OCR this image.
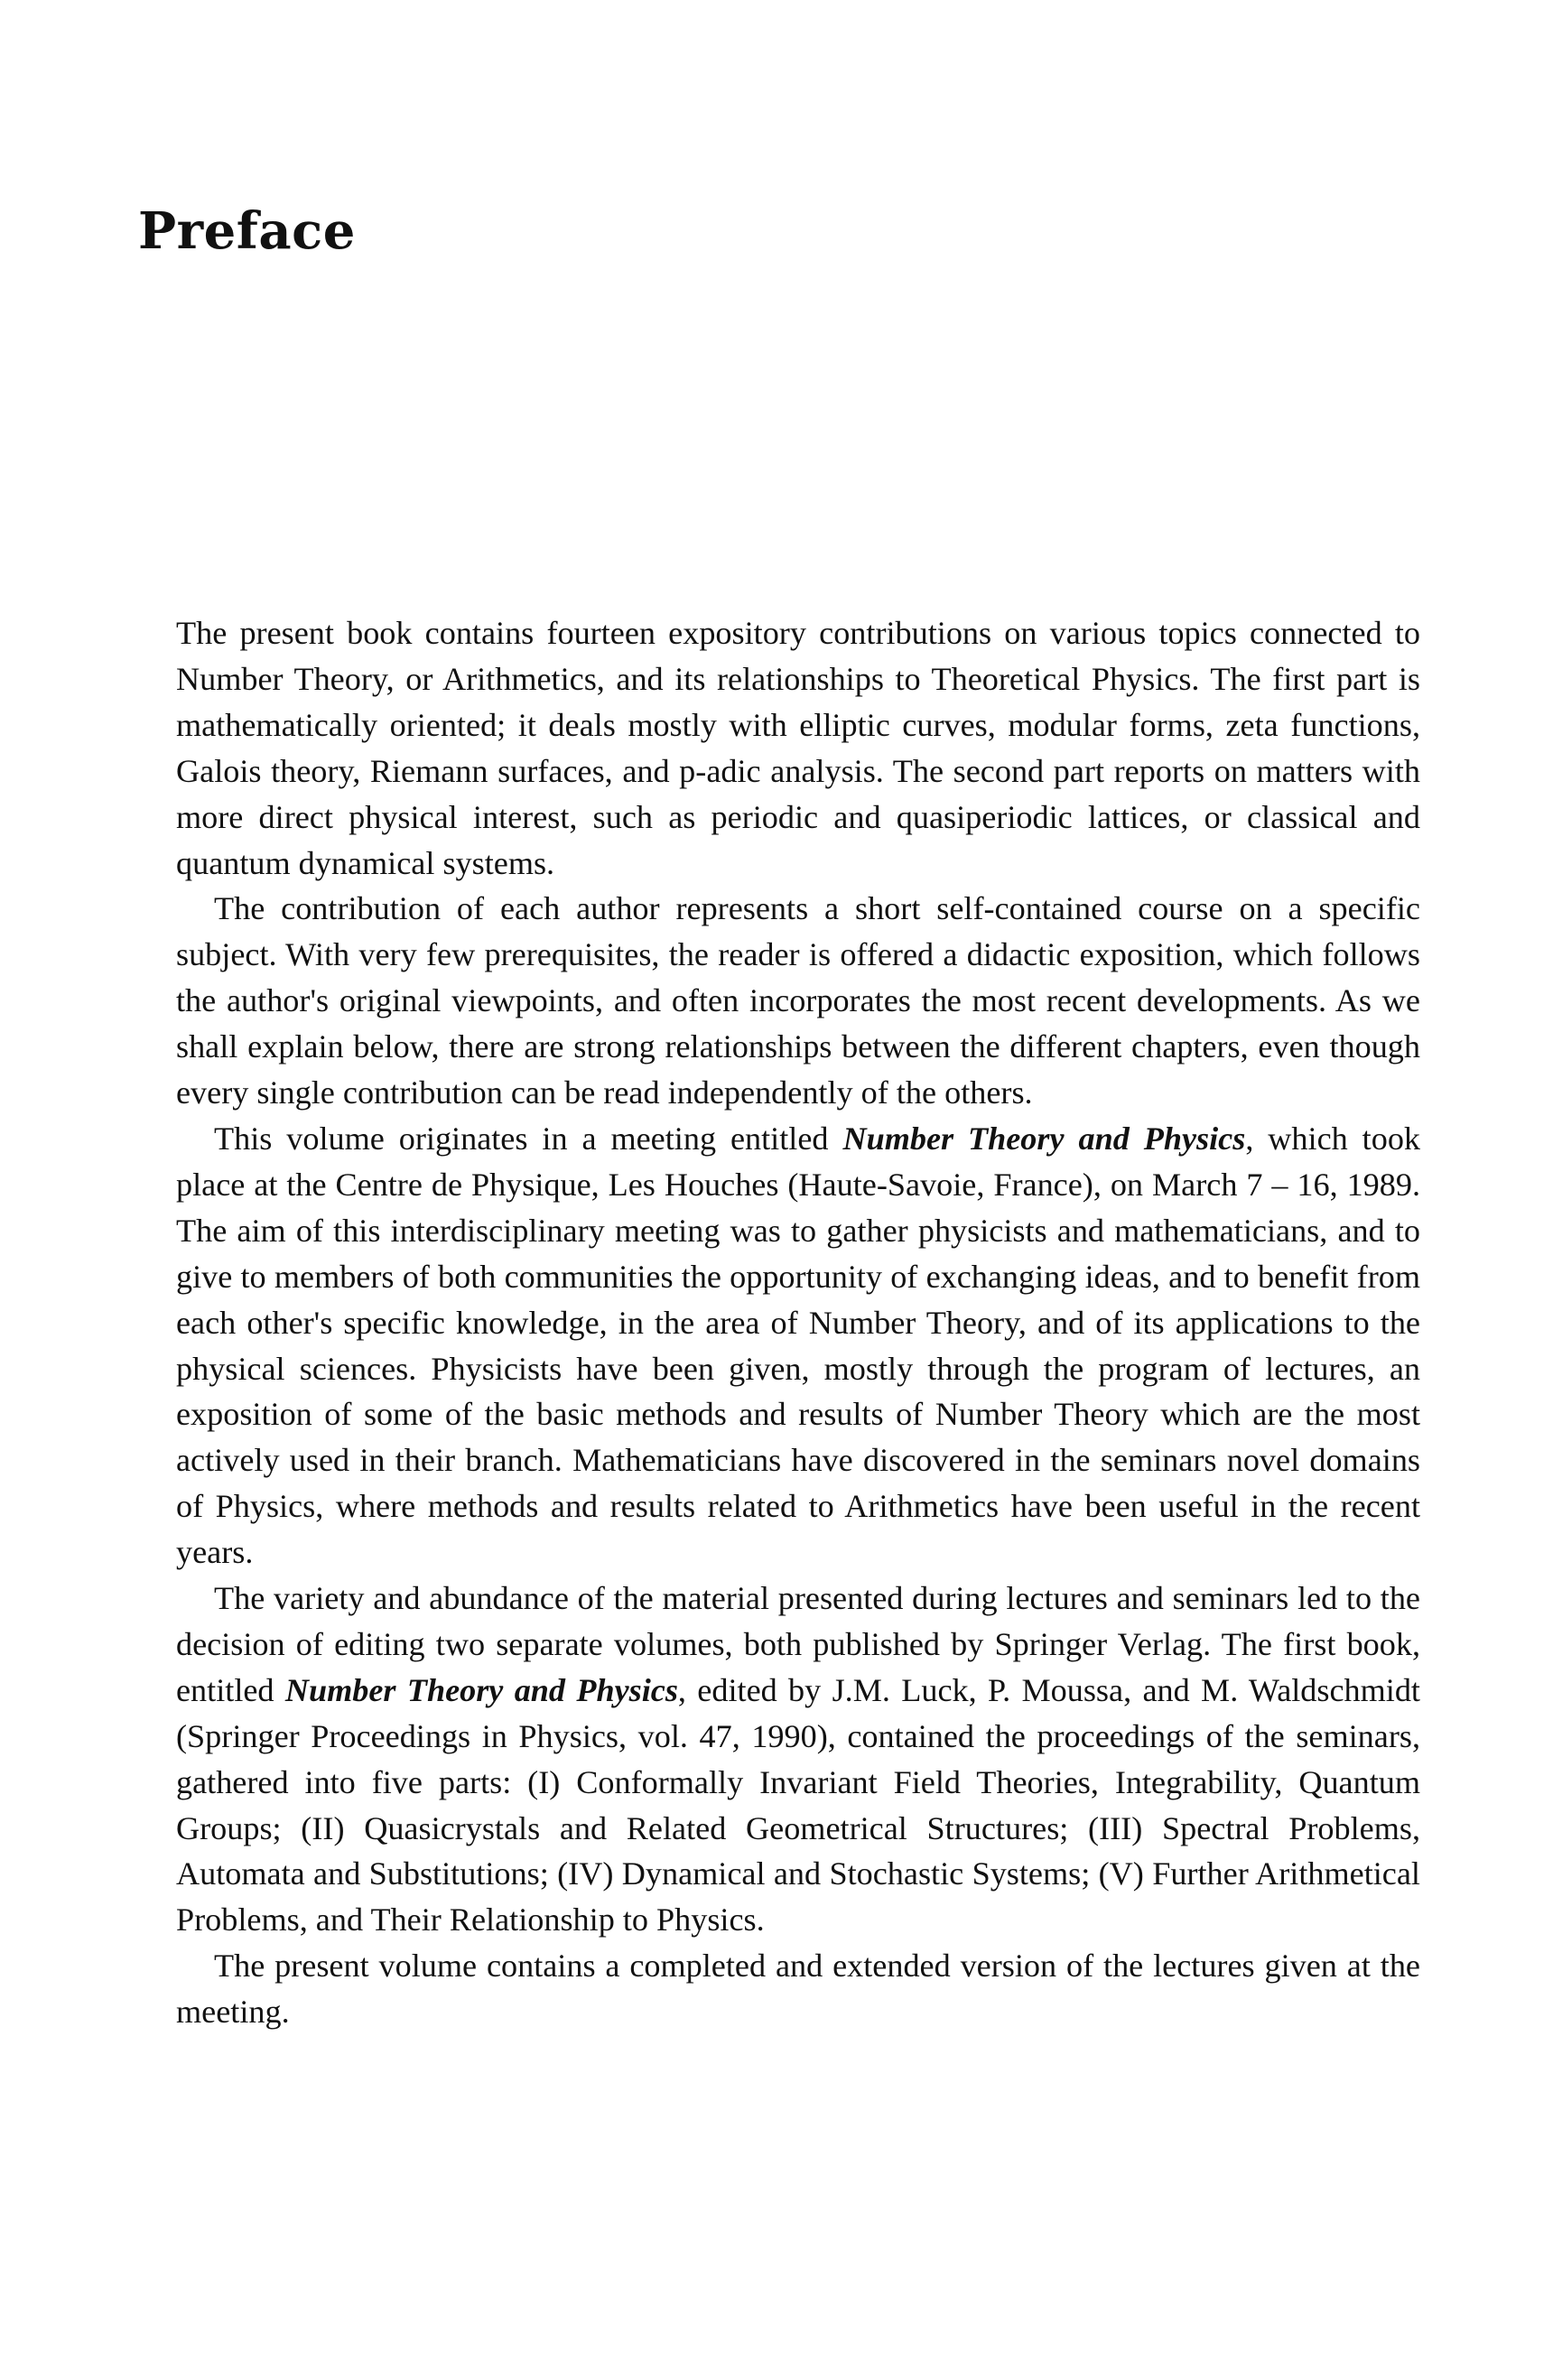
Preface

The present book contains fourteen expository contributions on various topics connected to Number Theory, or Arithmetics, and its relationships to Theoretical Physics. The first part is mathematically oriented; it deals mostly with elliptic curves, modular forms, zeta functions, Galois theory, Riemann surfaces, and p-adic analysis. The second part reports on matters with more direct physical interest, such as periodic and quasiperiodic lattices, or classical and quantum dynamical systems.

The contribution of each author represents a short self-contained course on a specific subject. With very few prerequisites, the reader is offered a didactic exposition, which follows the author's original viewpoints, and often incorporates the most recent developments. As we shall explain below, there are strong relationships between the different chapters, even though every single contribution can be read independently of the others.

This volume originates in a meeting entitled Number Theory and Physics, which took place at the Centre de Physique, Les Houches (Haute-Savoie, France), on March 7 – 16, 1989. The aim of this interdisciplinary meeting was to gather physicists and mathematicians, and to give to members of both communities the opportunity of exchanging ideas, and to benefit from each other's specific knowledge, in the area of Number Theory, and of its applications to the physical sciences. Physicists have been given, mostly through the program of lectures, an exposition of some of the basic methods and results of Number Theory which are the most actively used in their branch. Mathematicians have discovered in the seminars novel domains of Physics, where methods and results related to Arithmetics have been useful in the recent years.

The variety and abundance of the material presented during lectures and seminars led to the decision of editing two separate volumes, both published by Springer Verlag. The first book, entitled Number Theory and Physics, edited by J.M. Luck, P. Moussa, and M. Waldschmidt (Springer Proceedings in Physics, vol. 47, 1990), contained the proceedings of the seminars, gathered into five parts: (I) Conformally Invariant Field Theories, Integrability, Quantum Groups; (II) Quasicrystals and Related Geometrical Structures; (III) Spectral Problems, Automata and Substitutions; (IV) Dynamical and Stochastic Systems; (V) Further Arithmetical Problems, and Their Relationship to Physics.

The present volume contains a completed and extended version of the lectures given at the meeting.
